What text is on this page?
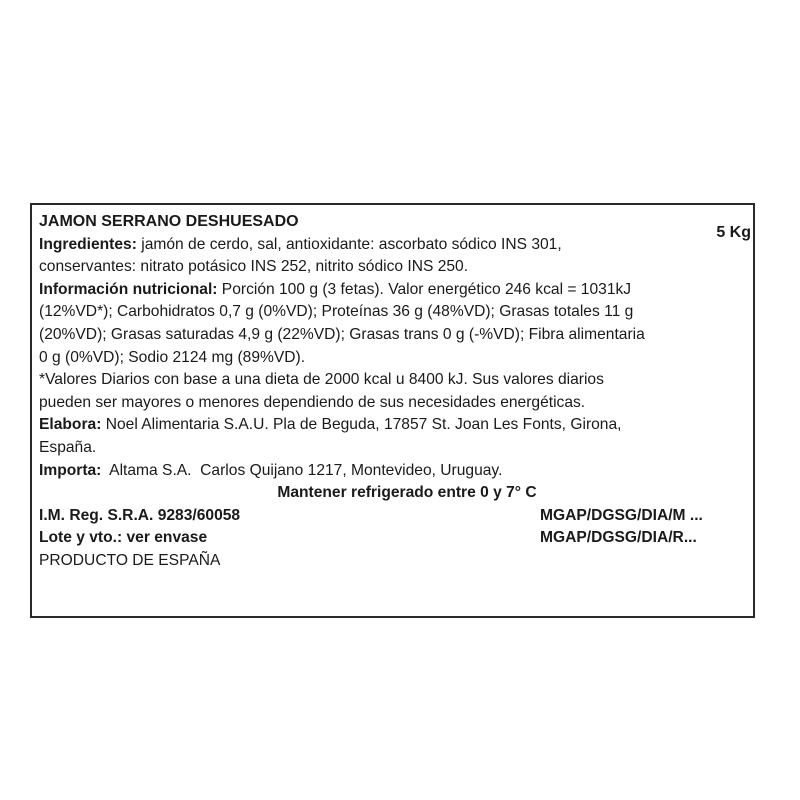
5 Kg
JAMON SERRANO DESHUESADO
Ingredientes: jamón de cerdo, sal, antioxidante: ascorbato sódico INS 301,
conservantes: nitrato potásico INS 252, nitrito sódico INS 250.
Información nutricional: Porción 100 g (3 fetas). Valor energético 246 kcal = 1031kJ
(12%VD*); Carbohidratos 0,7 g (0%VD); Proteínas 36 g (48%VD); Grasas totales 11 g
(20%VD); Grasas saturadas 4,9 g (22%VD); Grasas trans 0 g (-%VD); Fibra alimentaria
0 g (0%VD); Sodio 2124 mg (89%VD).
*Valores Diarios con base a una dieta de 2000 kcal u 8400 kJ. Sus valores diarios
pueden ser mayores o menores dependiendo de sus necesidades energéticas.
Elabora: Noel Alimentaria S.A.U. Pla de Beguda, 17857 St. Joan Les Fonts, Girona,
España.
Importa:  Altama S.A.  Carlos Quijano 1217, Montevideo, Uruguay.
Mantener refrigerado entre 0 y 7° C
I.M. Reg. S.R.A. 9283/60058	MGAP/DGSG/DIA/M ...
Lote y vto.: ver envase	MGAP/DGSG/DIA/R...
PRODUCTO DE ESPAÑA
